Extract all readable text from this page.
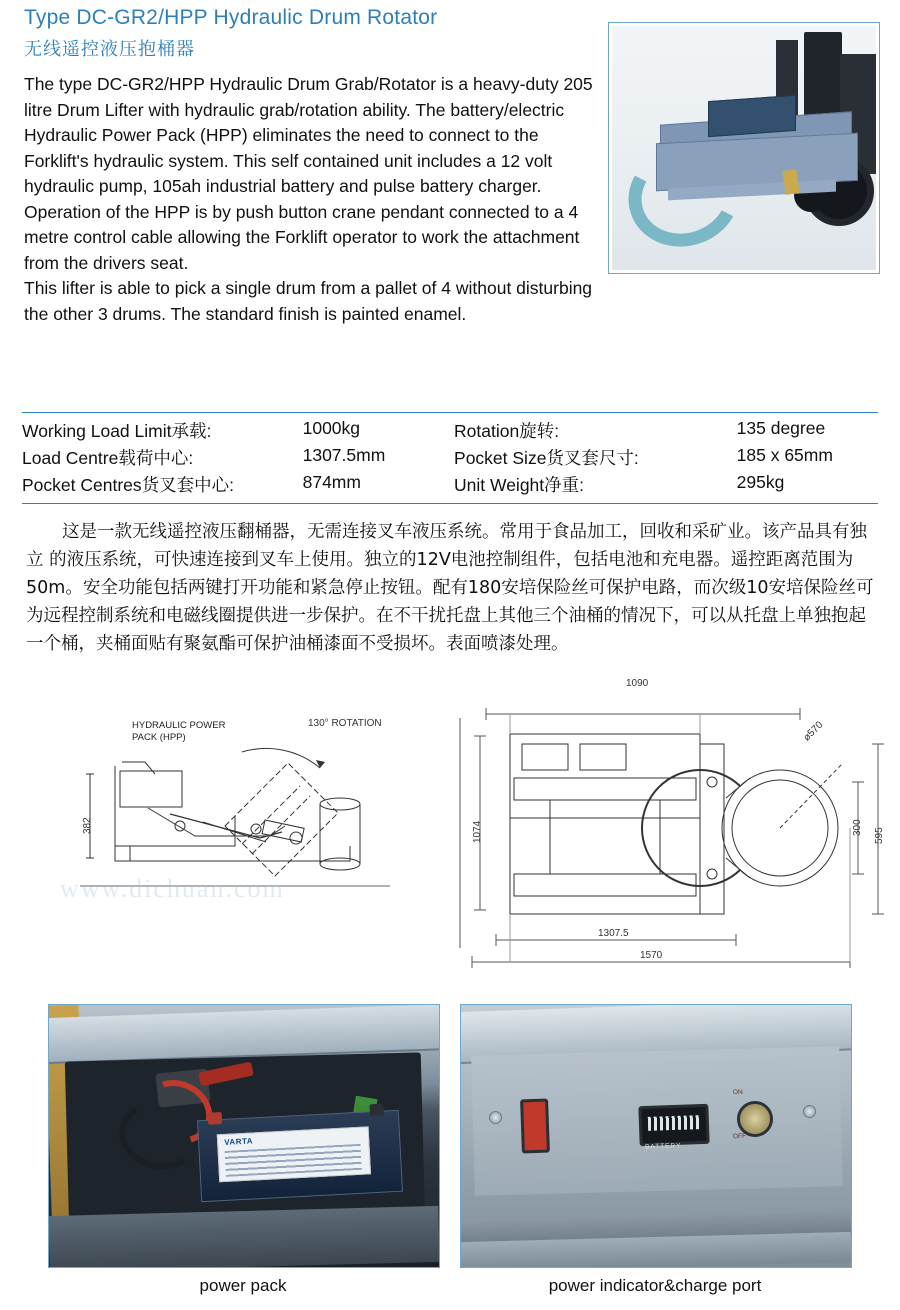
Type DC-GR2/HPP Hydraulic Drum Rotator
无线遥控液压抱桶器

The type DC-GR2/HPP Hydraulic Drum Grab/Rotator is a heavy-duty 205 litre Drum Lifter with hydraulic grab/rotation ability. The battery/electric Hydraulic Power Pack (HPP) eliminates the need to connect to the Forklift's hydraulic system. This self contained unit includes a 12 volt hydraulic pump, 105ah industrial battery and pulse battery charger. Operation of the HPP is by push button crane pendant connected to a 4 metre control cable allowing the Forklift operator to work the attachment from the drivers seat.

This lifter is able to pick a single drum from a pallet of 4 without disturbing the other 3 drums. The standard finish is painted enamel.

Working Load Limit承载:	1000kg	Rotation旋转:	135 degree
Load Centre载荷中心:	1307.5mm	Pocket Size货叉套尺寸:	185 x 65mm
Pocket Centres货叉套中心:	874mm	Unit Weight净重:	295kg
这是一款无线遥控液压翻桶器，无需连接叉车液压系统。常用于食品加工，回收和采矿业。该产品具有独立 的液压系统，可快速连接到叉车上使用。独立的12V电池控制组件，包括电池和充电器。遥控距离范围为50m。安全功能包括两键打开功能和紧急停止按钮。配有180安培保险丝可保护电路，而次级10安培保险丝可为远程控制系统和电磁线圈提供进一步保护。在不干扰托盘上其他三个油桶的情况下，可以从托盘上单独抱起一个桶，夹桶面贴有聚氨酯可保护油桶漆面不受损坏。表面喷漆处理。
HYDRAULIC POWER
PACK (HPP)
130° ROTATION
382
www.dichuan.com
1090
1074
ø570
300 595
1307.5
1570
VARTA	BATTERY
ON
OFF
power pack	power indicator&charge port
